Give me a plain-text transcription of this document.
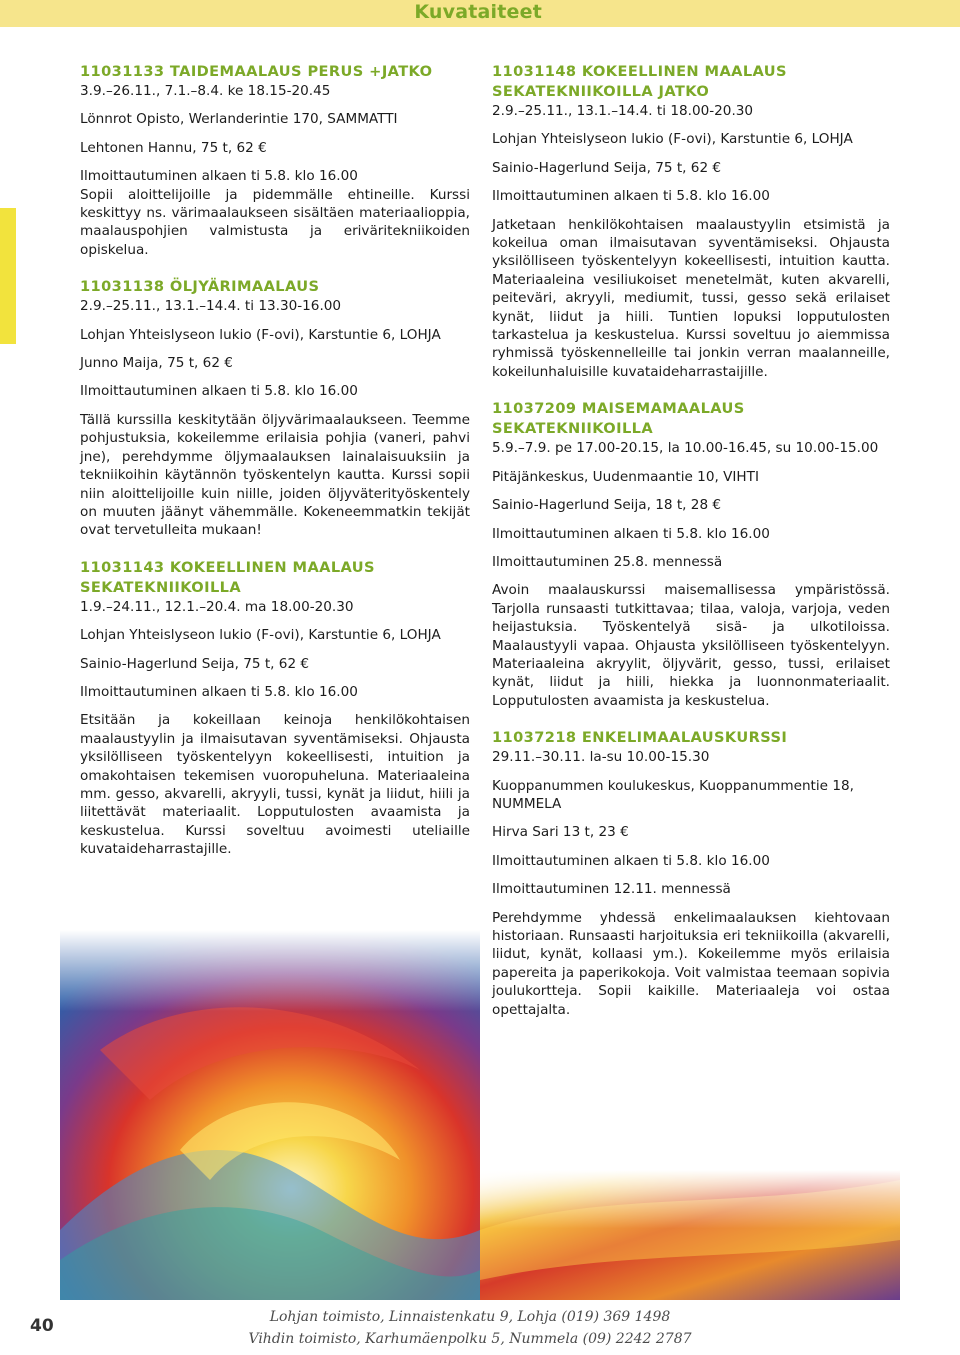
Kuvataiteet
11031133 TAIDEMAALAUS PERUS +JATKO
3.9.–26.11., 7.1.–8.4. ke 18.15-20.45
Lönnrot Opisto, Werlanderintie 170, SAMMATTI
Lehtonen Hannu, 75 t, 62 €
Ilmoittautuminen alkaen ti 5.8. klo 16.00
Sopii aloittelijoille ja pidemmälle ehtineille. Kurssi keskittyy ns. värimaalaukseen sisältäen materiaalioppia, maalauspohjien valmistusta ja eriväritekniikoiden opiskelua.
11031138 ÖLJYÄRIMAALAUS
2.9.–25.11., 13.1.–14.4. ti 13.30-16.00
Lohjan Yhteislyseon lukio (F-ovi), Karstuntie 6, LOHJA
Junno Maija, 75 t, 62 €
Ilmoittautuminen alkaen ti 5.8. klo 16.00
Tällä kurssilla keskitytään öljyvärimaalaukseen. Teemme pohjustuksia, kokeilemme erilaisia pohjia (vaneri, pahvi jne), perehdymme öljymaalauksen lainalaisuuksiin ja tekniikoihin käytännön työskentelyn kautta. Kurssi sopii niin aloittelijoille kuin niille, joiden öljyväterityöskentely on muuten jäänyt vähemmälle. Kokeneemmatkin tekijät ovat tervetulleita mukaan!
11031143 KOKEELLINEN MAALAUS SEKATEKNIIKOILLA
1.9.–24.11., 12.1.–20.4. ma 18.00-20.30
Lohjan Yhteislyseon lukio (F-ovi), Karstuntie 6, LOHJA
Sainio-Hagerlund Seija, 75 t, 62 €
Ilmoittautuminen alkaen ti 5.8. klo 16.00
Etsitään ja kokeillaan keinoja henkilökohtaisen maalaustyylin ja ilmaisutavan syventämiseksi. Ohjausta yksilölliseen työskentelyyn kokeellisesti, intuition ja omakohtaisen tekemisen vuoropuheluna. Materiaaleina mm. gesso, akvarelli, akryyli, tussi, kynät ja liidut, hiili ja liitettävät materiaalit. Lopputulosten avaamista ja keskustelua. Kurssi soveltuu avoimesti uteliaille kuvataideharrastajille.
11031148 KOKEELLINEN MAALAUS SEKATEKNIIKOILLA JATKO
2.9.–25.11., 13.1.–14.4. ti 18.00-20.30
Lohjan Yhteislyseon lukio (F-ovi), Karstuntie 6, LOHJA
Sainio-Hagerlund Seija, 75 t, 62 €
Ilmoittautuminen alkaen ti 5.8. klo 16.00
Jatketaan henkilökohtaisen maalaustyylin etsimistä ja kokeilua oman ilmaisutavan syventämiseksi. Ohjausta yksilölliseen työskentelyyn kokeellisesti, intuition kautta. Materiaaleina vesiliukoiset menetelmät, kuten akvarelli, peiteväri, akryyli, mediumit, tussi, gesso sekä erilaiset kynät, liidut ja hiili. Tuntien lopuksi lopputulosten tarkastelua ja keskustelua. Kurssi soveltuu jo aiemmissa ryhmissä työskennelleille tai jonkin verran maalanneille, kokeilunhaluisille kuvataideharrastaijille.
11037209 MAISEMAMAALAUS SEKATEKNIIKOILLA
5.9.–7.9. pe 17.00-20.15, la 10.00-16.45, su 10.00-15.00
Pitäjänkeskus, Uudenmaantie 10, VIHTI
Sainio-Hagerlund Seija, 18 t, 28 €
Ilmoittautuminen alkaen ti 5.8. klo 16.00
Ilmoittautuminen 25.8. mennessä
Avoin maalauskurssi maisemallisessa ympäristössä. Tarjolla runsaasti tutkittavaa; tilaa, valoja, varjoja, veden heijastuksia. Työskentelyä sisä- ja ulkotiloissa. Maalaustyyli vapaa. Ohjausta yksilölliseen työskentelyyn. Materiaaleina akryylit, öljyvärit, gesso, tussi, erilaiset kynät, liidut ja hiili, hiekka ja luonnonmateriaalit. Lopputulosten avaamista ja keskustelua.
11037218 ENKELIMAALAUSKURSSI
29.11.–30.11. la-su 10.00-15.30
Kuoppanummen koulukeskus, Kuoppanummentie 18, NUMMELA
Hirva Sari 13 t, 23 €
Ilmoittautuminen alkaen ti 5.8. klo 16.00
Ilmoittautuminen 12.11. mennessä
Perehdymme yhdessä enkelimaalauksen kiehtovaan historiaan. Runsaasti harjoituksia eri tekniikoilla (akvarelli, liidut, kynät, kollaasi ym.). Kokeilemme myös erilaisia papereita ja paperikokoja. Voit valmistaa teemaan sopivia joulukortteja. Sopii kaikille. Materiaaleja voi ostaa opettajalta.
40	Lohjan toimisto, Linnaistenkatu 9, Lohja (019) 369 1498
Vihdin toimisto, Karhumäenpolku 5, Nummela (09) 2242 2787
